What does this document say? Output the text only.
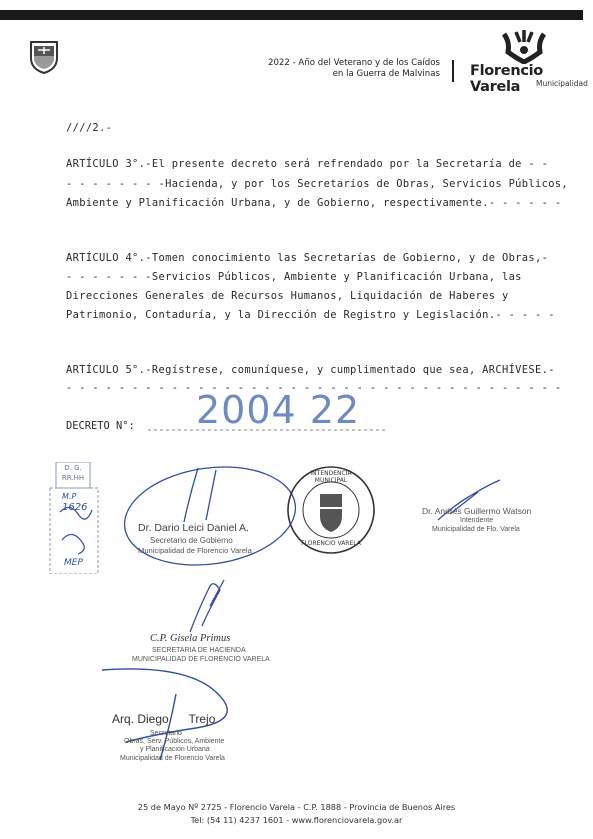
2022 - Año del Veterano y de los Caídos
en la Guerra de Malvinas Florencio Varela	Municipalidad
////2.-
ARTÍCULO 3°.-El presente decreto será refrendado por la Secretaría de - -
- - - - - - - -Hacienda, y por los Secretarios de Obras, Servicios Públicos,
Ambiente y Planificación Urbana, y de Gobierno, respectivamente.- - - - - -
ARTÍCULO 4°.-Tomen conocimiento las Secretarías de Gobierno, y de Obras,-
- - - - - - -Servicios Públicos, Ambiente y Planificación Urbana, las
Direcciones Generales de Recursos Humanos, Liquidación de Haberes y
Patrimonio, Contaduría, y la Dirección de Registro y Legislación.- - - - -
ARTÍCULO 5°.-Regístrese, comuníquese, y cumplimentado que sea, ARCHÍVESE.-
- - - - - - - - - - - - - - - - - - - - - - - - - - - - - - - - - - - - - -
DECRETO N°: 2004 22
D. G.
RR.HH
M.P
1626
MEP
Dr. Dario Leici Daniel A.
Secretario de Gobierno
Municipalidad de Florencio Varela
INTENDENCIA MUNICIPAL
FLORENCIO VARELA
Dr. Andrés Guillermo Watson
Intendente
Municipalidad de Flo. Varela
C.P. Gisela Primus
SECRETARIA DE HACIENDA
MUNICIPALIDAD DE FLORENCIO VARELA
Arq. Diego      Trejo
Secretario
Obras, Serv. Públicos, Ambiente
y Planificación Urbana
Municipalidad de Florencio Varela
25 de Mayo Nº 2725 - Florencio Varela - C.P. 1888 - Provincia de Buenos Aires
Tel: (54 11) 4237 1601 - www.florenciovarela.gov.ar
